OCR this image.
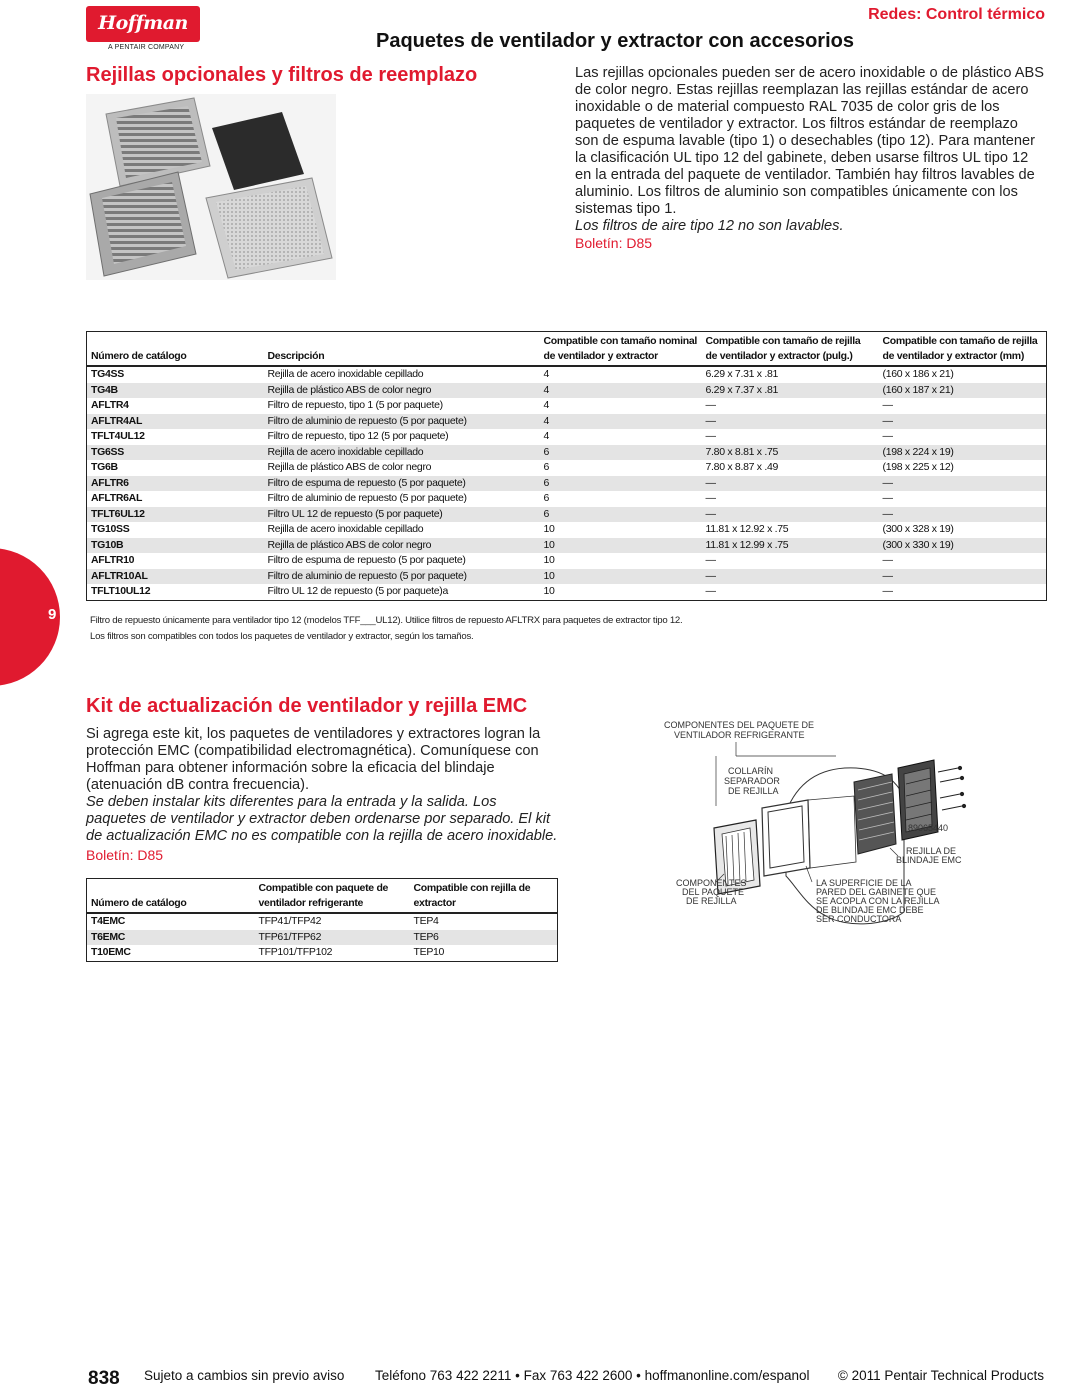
Hoffman
A PENTAIR COMPANY
Redes: Control térmico
Paquetes de ventilador y extractor con accesorios
Rejillas opcionales y filtros de reemplazo	Las rejillas opcionales pueden ser de acero inoxidable o de plástico ABS de color negro. Estas rejillas reemplazan las rejillas estándar de acero inoxidable o de material compuesto RAL 7035 de color gris de los paquetes de ventilador y extractor. Los filtros estándar de reemplazo son de espuma lavable (tipo 1) o desechables (tipo 12). Para mantener la clasificación UL tipo 12 del gabinete, deben usarse filtros UL tipo 12 en la entrada del paquete de ventilador. También hay filtros lavables de aluminio. Los filtros de aluminio son compatibles únicamente con los sistemas tipo 1.

Los filtros de aire tipo 12 no son lavables.

Boletín: D85

Número de catálogo	Descripción	Compatible con tamaño nominal de ventilador y extractor	Compatible con tamaño de rejilla de ventilador y extractor (pulg.)	Compatible con tamaño de rejilla de ventilador y extractor (mm)
TG4SS	Rejilla de acero inoxidable cepillado	4	6.29 x 7.31 x .81	(160 x 186 x 21)
TG4B	Rejilla de plástico ABS de color negro	4	6.29 x 7.37 x .81	(160 x 187 x 21)
AFLTR4	Filtro de repuesto, tipo 1 (5 por paquete)	4	—	—
AFLTR4AL	Filtro de aluminio de repuesto (5 por paquete)	4	—	—
TFLT4UL12	Filtro de repuesto, tipo 12 (5 por paquete)	4	—	—
TG6SS	Rejilla de acero inoxidable cepillado	6	7.80 x 8.81 x .75	(198 x 224 x 19)
TG6B	Rejilla de plástico ABS de color negro	6	7.80 x 8.87 x .49	(198 x 225 x 12)
AFLTR6	Filtro de espuma de repuesto (5 por paquete)	6	—	—
AFLTR6AL	Filtro de aluminio de repuesto (5 por paquete)	6	—	—
TFLT6UL12	Filtro UL 12 de repuesto (5 por paquete)	6	—	—
TG10SS	Rejilla de acero inoxidable cepillado	10	11.81 x 12.92 x .75	(300 x 328 x 19)
TG10B	Rejilla de plástico ABS de color negro	10	11.81 x 12.99 x .75	(300 x 330 x 19)
AFLTR10	Filtro de espuma de repuesto (5 por paquete)	10	—	—
AFLTR10AL	Filtro de aluminio de repuesto (5 por paquete)	10	—	—
TFLT10UL12	Filtro UL 12 de repuesto (5 por paquete)a	10	—	—
Filtro de repuesto únicamente para ventilador tipo 12 (modelos TFF___UL12). Utilice filtros de repuesto AFLTRX para paquetes de extractor tipo 12.
Los filtros son compatibles con todos los paquetes de ventilador y extractor, según los tamaños.
9
Kit de actualización de ventilador y rejilla EMC

Si agrega este kit, los paquetes de ventiladores y extractores logran la protección EMC (compatibilidad electromagnética). Comuníquese con Hoffman para obtener información sobre la eficacia del blindaje (atenuación dB contra frecuencia).

Se deben instalar kits diferentes para la entrada y la salida. Los paquetes de ventilador y extractor deben ordenarse por separado. El kit de actualización EMC no es compatible con la rejilla de acero inoxidable.

Boletín: D85

Número de catálogo	Compatible con paquete de ventilador refrigerante	Compatible con rejilla de extractor
T4EMC	TFP41/TFP42	TEP4
T6EMC	TFP61/TFP62	TEP6
T10EMC	TFP101/TFP102	TEP10
COMPONENTES DEL PAQUETE DE VENTILADOR REFRIGERANTE
COLLARÍN SEPARADOR DE REJILLA
89065440
REJILLA DE BLINDAJE EMC
COMPONENTES DEL PAQUETE DE REJILLA
LA SUPERFICIE DE LA PARED DEL GABINETE QUE SE ACOPLA CON LA REJILLA DE BLINDAJE EMC DEBE SER CONDUCTORA
838 Sujeto a cambios sin previo aviso Teléfono 763 422 2211 • Fax 763 422 2600 • hoffmanonline.com/espanol © 2011 Pentair Technical Products
